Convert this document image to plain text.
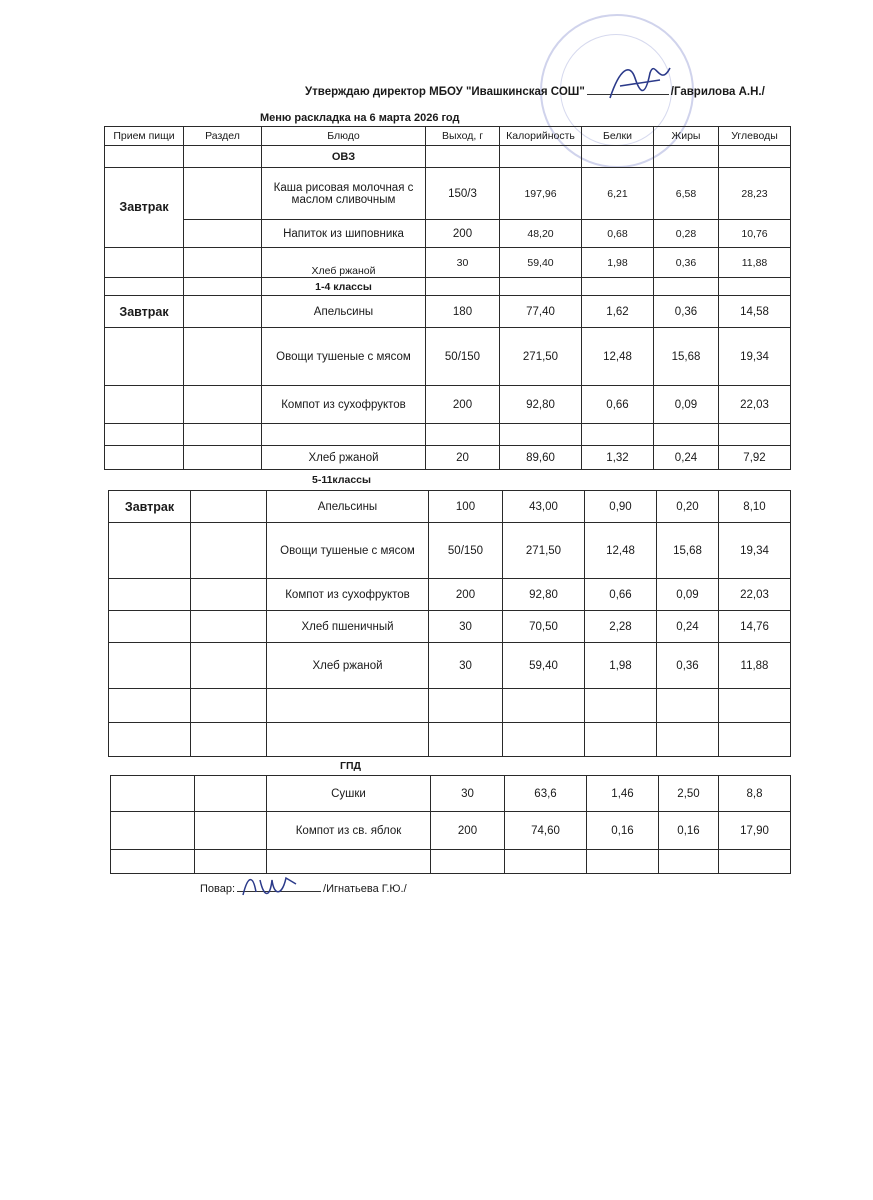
Утверждаю директор МБОУ "Ивашкинская СОШ"	/Гаврилова А.Н./
Меню раскладка на 6 марта 2026 год
Прием пищи	Раздел	Блюдо	Выход, г	Калорийность	Белки	Жиры	Углеводы
		ОВЗ					
Завтрак		Каша рисовая молочная с маслом сливочным	150/3	197,96	6,21	6,58	28,23
		Напиток из шиповника	200	48,20	0,68	0,28	10,76
		Хлеб ржаной	30	59,40	1,98	0,36	11,88
		1-4 классы					
Завтрак		Апельсины	180	77,40	1,62	0,36	14,58
		Овощи тушеные с мясом	50/150	271,50	12,48	15,68	19,34
		Компот из сухофруктов	200	92,80	0,66	0,09	22,03

		Хлеб ржаной	20	89,60	1,32	0,24	7,92
5-11классы
Завтрак		Апельсины	100	43,00	0,90	0,20	8,10
		Овощи тушеные с мясом	50/150	271,50	12,48	15,68	19,34
		Компот из сухофруктов	200	92,80	0,66	0,09	22,03
		Хлеб пшеничный	30	70,50	2,28	0,24	14,76
		Хлеб ржаной	30	59,40	1,98	0,36	11,88

ГПД
		Сушки	30	63,6	1,46	2,50	8,8
		Компот из св. яблок	200	74,60	0,16	0,16	17,90

Повар:	/Игнатьева Г.Ю./
